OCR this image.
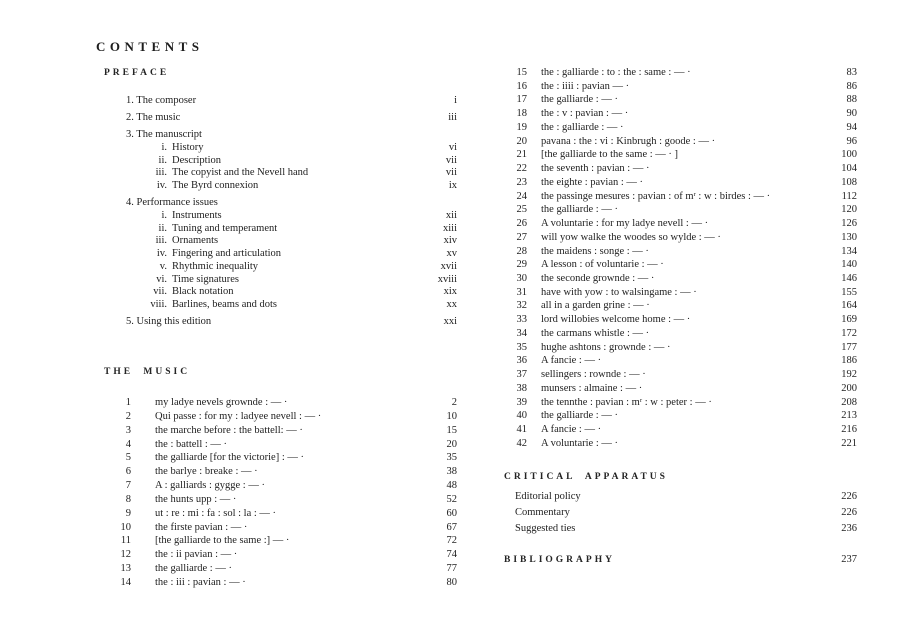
CONTENTS
PREFACE
1. The composer	i
2. The music	iii
3. The manuscript
i. History	vi
ii. Description	vii
iii. The copyist and the Nevell hand	vii
iv. The Byrd connexion	ix
4. Performance issues
i. Instruments	xii
ii. Tuning and temperament	xiii
iii. Ornaments	xiv
iv. Fingering and articulation	xv
v. Rhythmic inequality	xvii
vi. Time signatures	xviii
vii. Black notation	xix
viii. Barlines, beams and dots	xx
5. Using this edition	xxi
THE MUSIC
1 my ladye nevels grownde : — ·	2
2 Qui passe : for my : ladyee nevell : — ·	10
3 the marche before : the battell: — ·	15
4 the : battell : — ·	20
5 the galliarde [for the victorie] : — ·	35
6 the barlye : breake : — ·	38
7 A : galliards : gygge : — ·	48
8 the hunts upp : — ·	52
9 ut : re : mi : fa : sol : la : — ·	60
10 the firste pavian : — ·	67
11 [the galliarde to the same :] — ·	72
12 the : ii pavian : — ·	74
13 the galliarde : — ·	77
14 the : iii : pavian : — ·	80
15 the : galliarde : to : the : same : — ·	83
16 the : iiii : pavian — ·	86
17 the galliarde : — ·	88
18 the : v : pavian : — ·	90
19 the : galliarde : — ·	94
20 pavana : the : vi : Kinbrugh : goode : — ·	96
21 [the galliarde to the same : — · ]	100
22 the seventh : pavian : — ·	104
23 the eighte : pavian : — ·	108
24 the passinge mesures : pavian : of mʳ : w : birdes : — ·	112
25 the galliarde : — ·	120
26 A voluntarie : for my ladye nevell : — ·	126
27 will yow walke the woodes so wylde : — ·	130
28 the maidens : songe : — ·	134
29 A lesson : of voluntarie : — ·	140
30 the seconde grownde : — ·	146
31 have with yow : to walsingame : — ·	155
32 all in a garden grine : — ·	164
33 lord willobies welcome home : — ·	169
34 the carmans whistle : — ·	172
35 hughe ashtons : grownde : — ·	177
36 A fancie : — ·	186
37 sellingers : rownde : — ·	192
38 munsers : almaine : — ·	200
39 the tennthe : pavian : mʳ : w : peter : — ·	208
40 the galliarde : — ·	213
41 A fancie : — ·	216
42 A voluntarie : — ·	221
CRITICAL APPARATUS
Editorial policy	226
Commentary	226
Suggested ties	236
BIBLIOGRAPHY	237
